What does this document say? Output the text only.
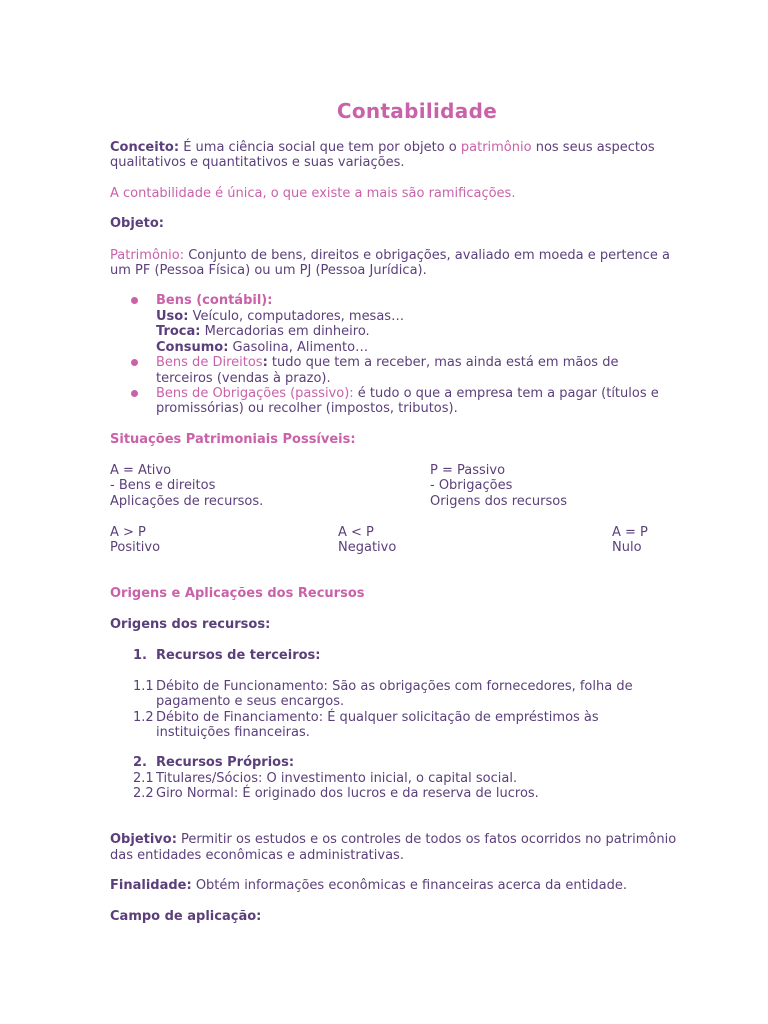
Contabilidade
Conceito: É uma ciência social que tem por objeto o patrimônio nos seus aspectos
qualitativos e quantitativos e suas variações.
A contabilidade é única, o que existe a mais são ramificações.
Objeto:
Patrimônio: Conjunto de bens, direitos e obrigações, avaliado em moeda e pertence a
um PF (Pessoa Física) ou um PJ (Pessoa Jurídica).
Bens (contábil):
Uso: Veículo, computadores, mesas…
Troca: Mercadorias em dinheiro.
Consumo: Gasolina, Alimento…
Bens de Direitos: tudo que tem a receber, mas ainda está em mãos de
terceiros (vendas à prazo).
Bens de Obrigações (passivo): é tudo o que a empresa tem a pagar (títulos e
promissórias) ou recolher (impostos, tributos).
Situações Patrimoniais Possíveis:
A = Ativo
- Bens e direitos
Aplicações de recursos.
P = Passivo
- Obrigações
Origens dos recursos
A > P
Positivo
A < P
Negativo
A = P
Nulo
Origens e Aplicações dos Recursos
Origens dos recursos:
1. Recursos de terceiros:
1.1 Débito de Funcionamento: São as obrigações com fornecedores, folha de
pagamento e seus encargos.
1.2 Débito de Financiamento: É qualquer solicitação de empréstimos às
instituições financeiras.
2. Recursos Próprios:
2.1 Titulares/Sócios: O investimento inicial, o capital social.
2.2 Giro Normal: É originado dos lucros e da reserva de lucros.
Objetivo: Permitir os estudos e os controles de todos os fatos ocorridos no patrimônio
das entidades econômicas e administrativas.
Finalidade: Obtém informações econômicas e financeiras acerca da entidade.
Campo de aplicação:
